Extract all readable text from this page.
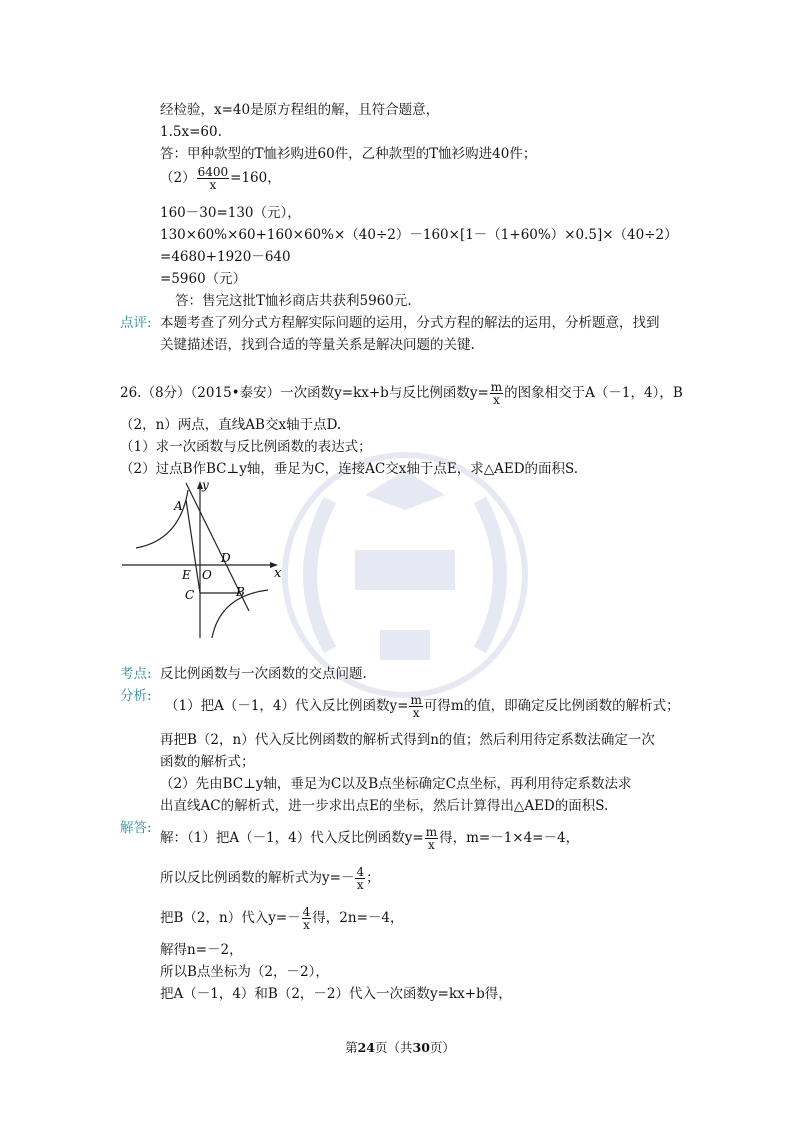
经检验，x=40是原方程组的解，且符合题意，
1.5x=60.
答：甲种款型的T恤衫购进60件，乙种款型的T恤衫购进40件；
$(2) \frac{6400}{x} =160$，
160－30=130（元），
130×60%×60+160×60%×（40÷2）－160×[1－（1+60%）×0.5]×（40÷2）
=4680+1920－640
=5960（元）
答：售完这批T恤衫商店共获利5960元.
点评: 本题考查了列分式方程解实际问题的运用，分式方程的解法的运用，分析题意，找到
关键描述语，找到合适的等量关系是解决问题的关键.
26.（8分）（2015•泰安）一次函数y=kx+b与反比例函数$y= \frac{m}{x}$ 的图象相交于A（－1，4），B
（2，n）两点，直线AB交x轴于点D.
（1）求一次函数与反比例函数的表达式；
（2）过点B作BC⊥y轴，垂足为C，连接AC交x轴于点E，求△AED的面积S.
y
x
A
D
E O
C	B
考点: 反比例函数与一次函数的交点问题.
分析:
（1）把A（－1，4）代入反比例函数$y= \frac{m}{x}$ 可得m的值，即确定反比例函数的解析式；
再把B（2，n）代入反比例函数的解析式得到n的值；然后利用待定系数法确定一次
函数的解析式；
（2）先由BC⊥y轴，垂足为C以及B点坐标确定C点坐标，再利用待定系数法求
出直线AC的解析式，进一步求出点E的坐标，然后计算得出△AED的面积S.
解答:
解：（1）把A（－1，4）代入反比例函数$y= \frac{m}{x}$ 得，m=－1×4=－4，
所以反比例函数的解析式为$y=- \frac{4}{x}$ ；
把B（2，n）代入$y=- \frac{4}{x}$ 得，2n=－4，
解得n=－2，
所以B点坐标为（2，－2），
把A（－1，4）和B（2，－2）代入一次函数y=kx+b得，
第24页（共30页）
